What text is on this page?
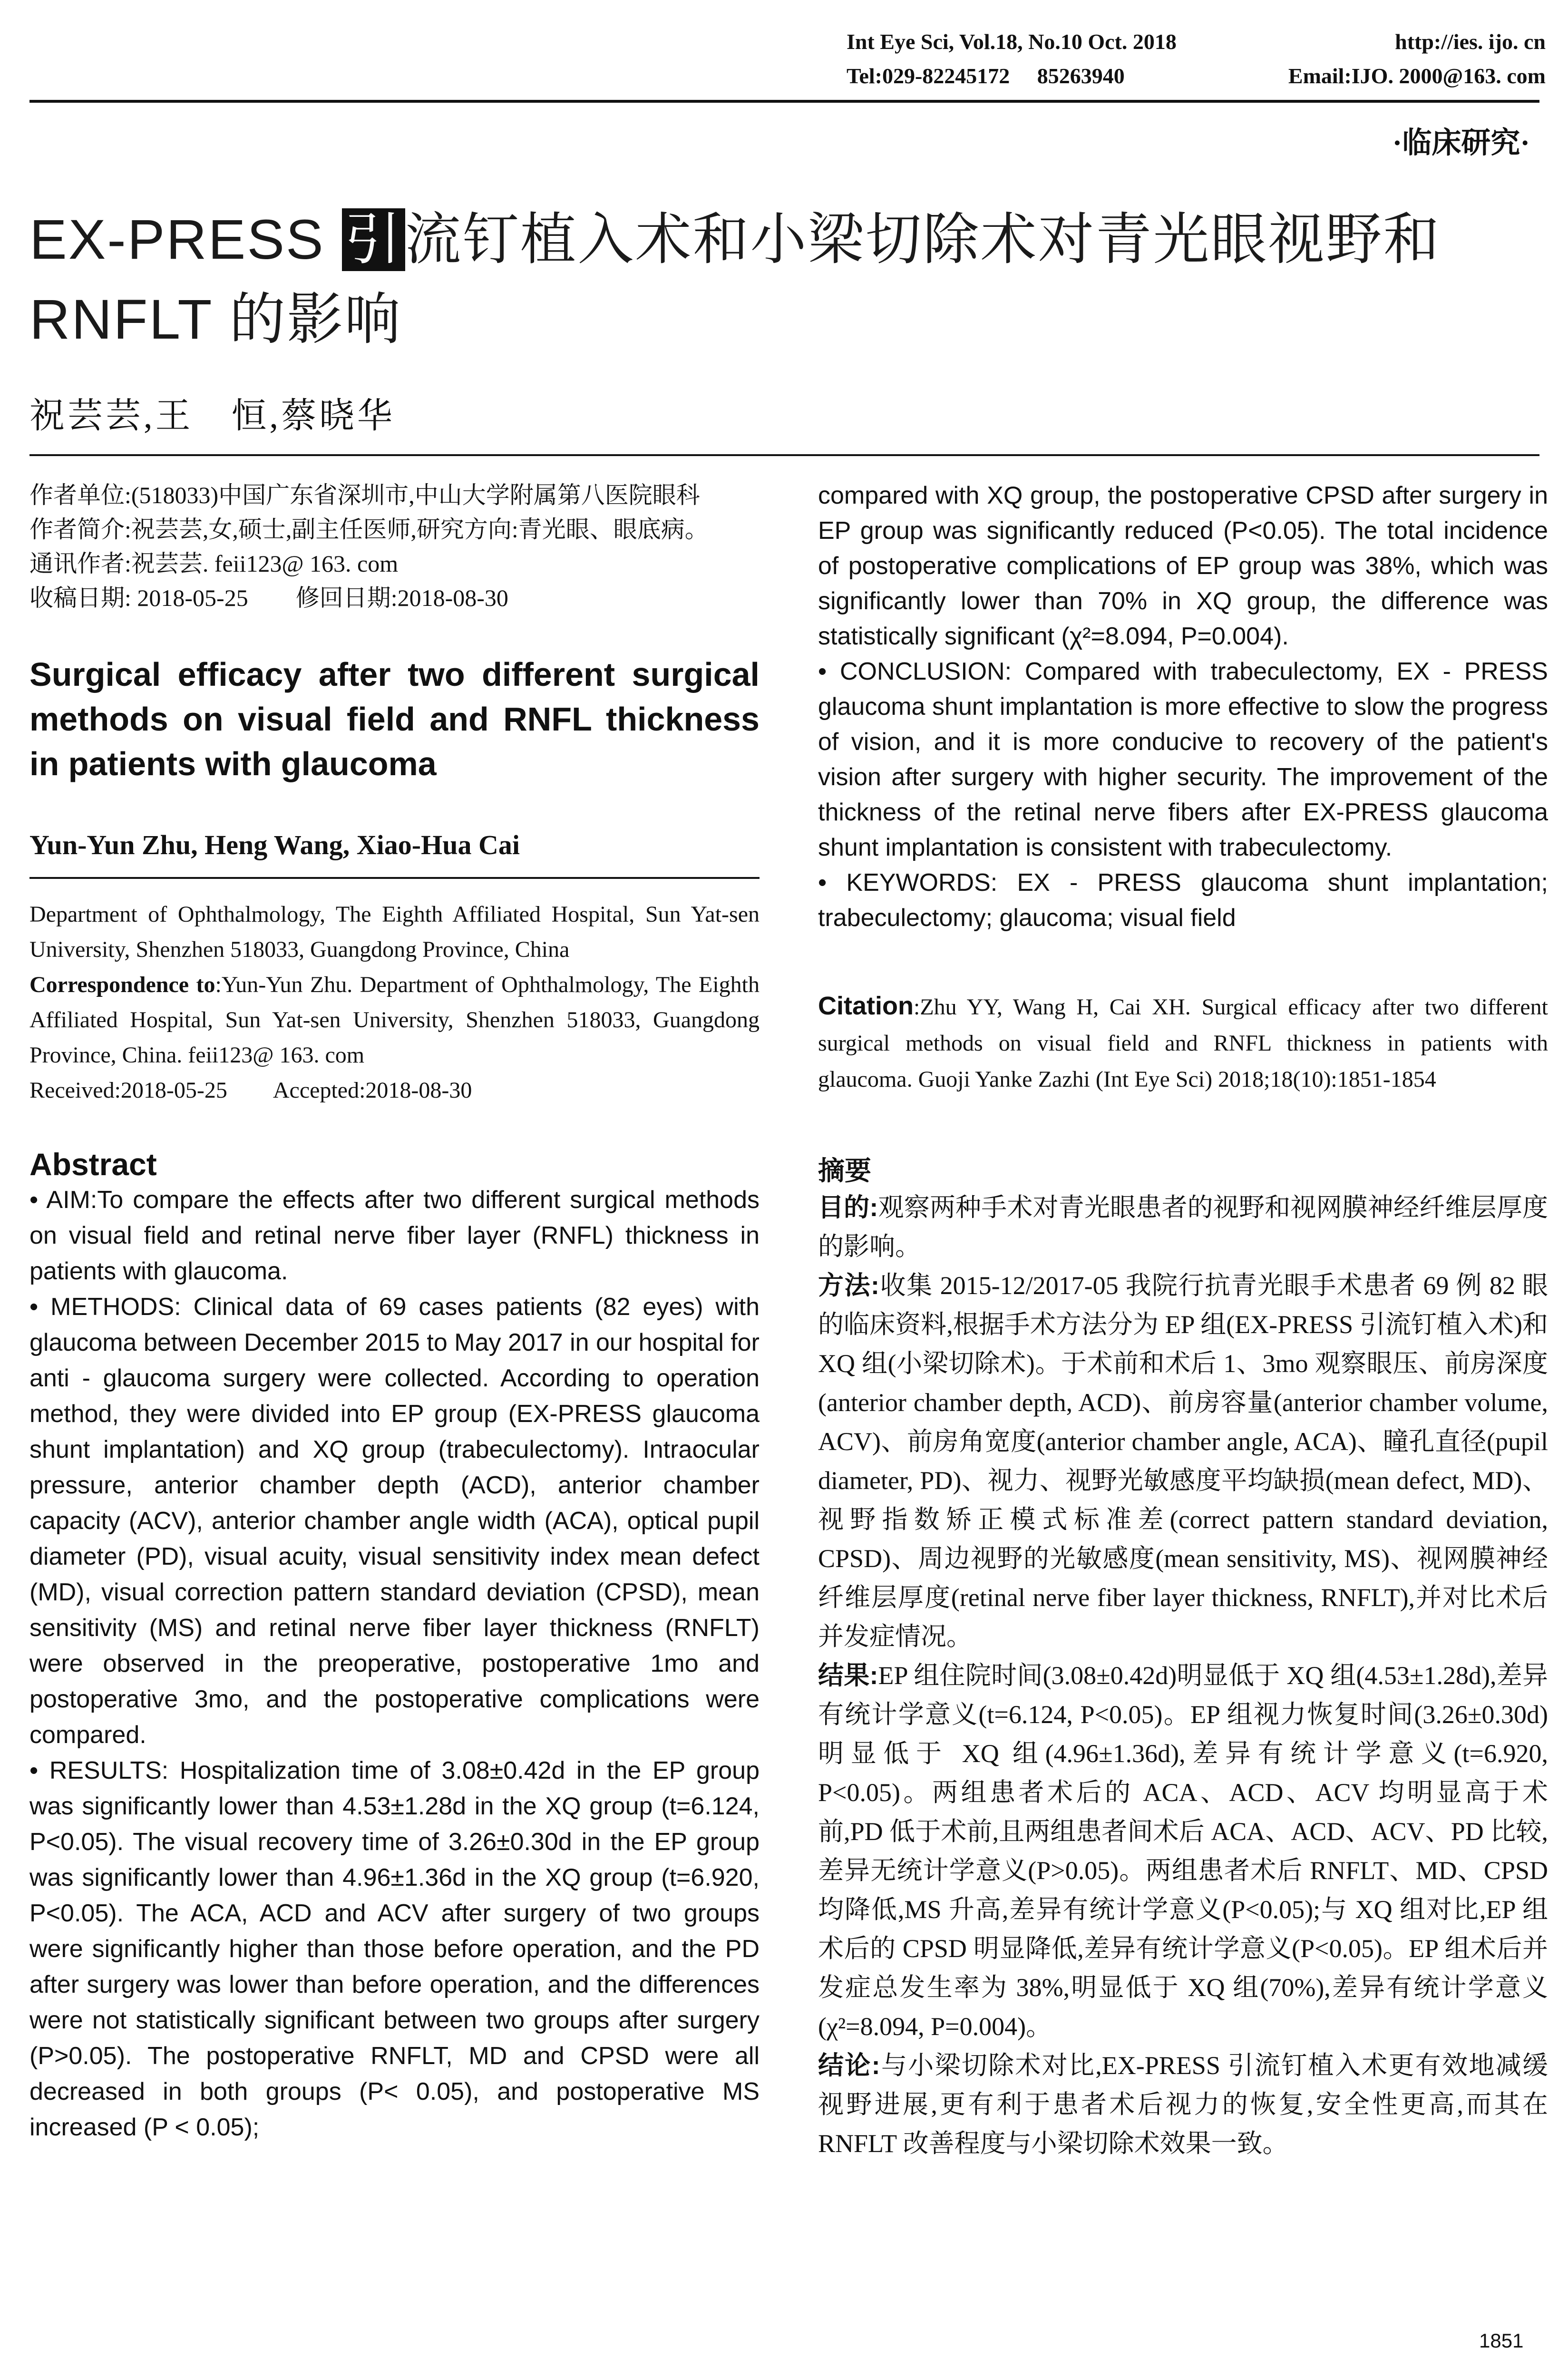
Int Eye Sci, Vol.18, No.10 Oct. 2018	http://ies. ijo. cn
Tel:029-82245172     85263940	Email:IJO. 2000@163. com
·临床研究·
EX-PRESS 引流钉植入术和小梁切除术对青光眼视野和
RNFLT 的影响
祝芸芸,王　恒,蔡晓华

作者单位:(518033)中国广东省深圳市,中山大学附属第八医院眼科

作者简介:祝芸芸,女,硕士,副主任医师,研究方向:青光眼、眼底病。

通讯作者:祝芸芸. feii123@ 163. com

收稿日期: 2018-05-25　　修回日期:2018-08-30

Surgical efficacy after two different surgical methods on visual field and RNFL thickness in patients with glaucoma
Yun-Yun Zhu, Heng Wang, Xiao-Hua Cai

Department of Ophthalmology, The Eighth Affiliated Hospital, Sun Yat-sen University, Shenzhen 518033, Guangdong Province, China

Correspondence to:Yun-Yun Zhu. Department of Ophthalmology, The Eighth Affiliated Hospital, Sun Yat-sen University, Shenzhen 518033, Guangdong Province, China. feii123@ 163. com

Received:2018-05-25　　Accepted:2018-08-30

Abstract

• AIM:To compare the effects after two different surgical methods on visual field and retinal nerve fiber layer (RNFL) thickness in patients with glaucoma.

• METHODS: Clinical data of 69 cases patients (82 eyes) with glaucoma between December 2015 to May 2017 in our hospital for anti - glaucoma surgery were collected. According to operation method, they were divided into EP group (EX-PRESS glaucoma shunt implantation) and XQ group (trabeculectomy). Intraocular pressure, anterior chamber depth (ACD), anterior chamber capacity (ACV), anterior chamber angle width (ACA), optical pupil diameter (PD), visual acuity, visual sensitivity index mean defect (MD), visual correction pattern standard deviation (CPSD), mean sensitivity (MS) and retinal nerve fiber layer thickness (RNFLT) were observed in the preoperative, postoperative 1mo and postoperative 3mo, and the postoperative complications were compared.

• RESULTS: Hospitalization time of 3.08±0.42d in the EP group was significantly lower than 4.53±1.28d in the XQ group (t=6.124, P<0.05). The visual recovery time of 3.26±0.30d in the EP group was significantly lower than 4.96±1.36d in the XQ group (t=6.920, P<0.05). The ACA, ACD and ACV after surgery of two groups were significantly higher than those before operation, and the PD after surgery was lower than before operation, and the differences were not statistically significant between two groups after surgery (P>0.05). The postoperative RNFLT, MD and CPSD were all decreased in both groups (P< 0.05), and postoperative MS increased (P < 0.05);

compared with XQ group, the postoperative CPSD after surgery in EP group was significantly reduced (P<0.05). The total incidence of postoperative complications of EP group was 38%, which was significantly lower than 70% in XQ group, the difference was statistically significant (χ²=8.094, P=0.004).

• CONCLUSION: Compared with trabeculectomy, EX - PRESS glaucoma shunt implantation is more effective to slow the progress of vision, and it is more conducive to recovery of the patient's vision after surgery with higher security. The improvement of the thickness of the retinal nerve fibers after EX-PRESS glaucoma shunt implantation is consistent with trabeculectomy.

• KEYWORDS: EX - PRESS glaucoma shunt implantation; trabeculectomy; glaucoma; visual field

Citation:Zhu YY, Wang H, Cai XH. Surgical efficacy after two different surgical methods on visual field and RNFL thickness in patients with glaucoma. Guoji Yanke Zazhi (Int Eye Sci) 2018;18(10):1851-1854
摘要

目的:观察两种手术对青光眼患者的视野和视网膜神经纤维层厚度的影响。

方法:收集 2015-12/2017-05 我院行抗青光眼手术患者 69 例 82 眼的临床资料,根据手术方法分为 EP 组(EX-PRESS 引流钉植入术)和 XQ 组(小梁切除术)。于术前和术后 1、3mo 观察眼压、前房深度(anterior chamber depth, ACD)、前房容量(anterior chamber volume, ACV)、前房角宽度(anterior chamber angle, ACA)、瞳孔直径(pupil diameter, PD)、视力、视野光敏感度平均缺损(mean defect, MD)、视野指数矫正模式标准差(correct pattern standard deviation, CPSD)、周边视野的光敏感度(mean sensitivity, MS)、视网膜神经纤维层厚度(retinal nerve fiber layer thickness, RNFLT),并对比术后并发症情况。

结果:EP 组住院时间(3.08±0.42d)明显低于 XQ 组(4.53±1.28d),差异有统计学意义(t=6.124, P<0.05)。EP 组视力恢复时间(3.26±0.30d)明显低于 XQ 组(4.96±1.36d),差异有统计学意义(t=6.920, P<0.05)。两组患者术后的 ACA、ACD、ACV 均明显高于术前,PD 低于术前,且两组患者间术后 ACA、ACD、ACV、PD 比较,差异无统计学意义(P>0.05)。两组患者术后 RNFLT、MD、CPSD 均降低,MS 升高,差异有统计学意义(P<0.05);与 XQ 组对比,EP 组术后的 CPSD 明显降低,差异有统计学意义(P<0.05)。EP 组术后并发症总发生率为 38%,明显低于 XQ 组(70%),差异有统计学意义(χ²=8.094, P=0.004)。

结论:与小梁切除术对比,EX-PRESS 引流钉植入术更有效地减缓视野进展,更有利于患者术后视力的恢复,安全性更高,而其在 RNFLT 改善程度与小梁切除术效果一致。

1851
